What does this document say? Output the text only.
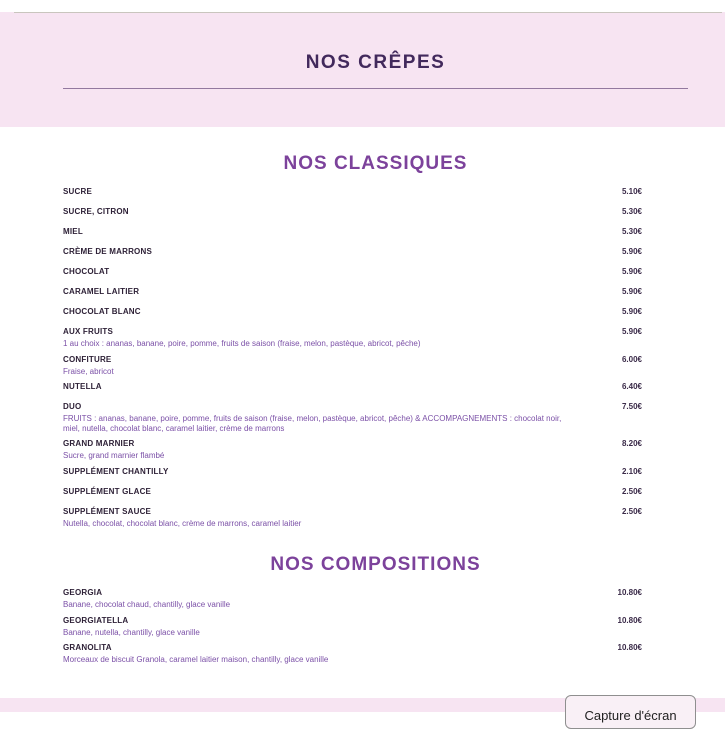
NOS CRÊPES
NOS CLASSIQUES
SUCRE	5.10€
SUCRE, CITRON	5.30€
MIEL	5.30€
CRÈME DE MARRONS	5.90€
CHOCOLAT	5.90€
CARAMEL LAITIER	5.90€
CHOCOLAT BLANC	5.90€
AUX FRUITS	5.90€
1 au choix : ananas, banane, poire, pomme, fruits de saison (fraise, melon, pastèque, abricot, pêche)
CONFITURE	6.00€
Fraise, abricot
NUTELLA	6.40€
DUO	7.50€
FRUITS : ananas, banane, poire, pomme, fruits de saison (fraise, melon, pastèque, abricot, pêche) & ACCOMPAGNEMENTS : chocolat noir, miel, nutella, chocolat blanc, caramel laitier, crème de marrons
GRAND MARNIER	8.20€
Sucre, grand marnier flambé
SUPPLÉMENT CHANTILLY	2.10€
SUPPLÉMENT GLACE	2.50€
SUPPLÉMENT SAUCE	2.50€
Nutella, chocolat, chocolat blanc, crème de marrons, caramel laitier
NOS COMPOSITIONS
GEORGIA	10.80€
Banane, chocolat chaud, chantilly, glace vanille
GEORGIATELLA	10.80€
Banane, nutella, chantilly, glace vanille
GRANOLITA	10.80€
Morceaux de biscuit Granola, caramel laitier maison, chantilly, glace vanille
Capture d'écran
